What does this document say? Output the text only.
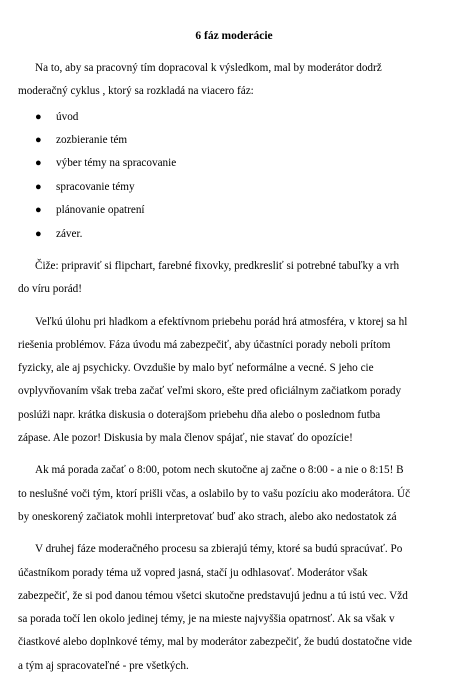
6 fáz moderácie

Na to, aby sa pracovný tím dopracoval k výsledkom, mal by moderátor dodrž

moderačný cyklus , ktorý sa rozkladá na viacero fáz:

● úvod
● zozbieranie tém
● výber témy na spracovanie
● spracovanie témy
● plánovanie opatrení
● záver.

Čiže: pripraviť si flipchart, farebné fixovky, predkresliť si potrebné tabuľky a vrh

do víru porád!

Veľkú úlohu pri hladkom a efektívnom priebehu porád hrá atmosféra, v ktorej sa hl

riešenia problémov. Fáza úvodu má zabezpečiť, aby účastníci porady neboli prítom

fyzicky, ale aj psychicky. Ovzdušie by malo byť neformálne a vecné. S jeho cie

ovplyvňovaním však treba začať veľmi skoro, ešte pred oficiálnym začiatkom porady

poslúži napr. krátka diskusia o doterajšom priebehu dňa alebo o poslednom futba

zápase. Ale pozor! Diskusia by mala členov spájať, nie stavať do opozície!

Ak má porada začať o 8:00, potom nech skutočne aj začne o 8:00 - a nie o 8:15! B

to neslušné voči tým, ktorí prišli včas, a oslabilo by to vašu pozíciu ako moderátora. Úč

by oneskorený začiatok mohli interpretovať buď ako strach, alebo ako nedostatok zá

V druhej fáze moderačného procesu sa zbierajú témy, ktoré sa budú spracúvať. Po

účastníkom porady téma už vopred jasná, stačí ju odhlasovať. Moderátor však

zabezpečiť, že si pod danou témou všetci skutočne predstavujú jednu a tú istú vec. Vžd

sa porada točí len okolo jedinej témy, je na mieste najvyššia opatrnosť. Ak sa však v

čiastkové alebo doplnkové témy, mal by moderátor zabezpečiť, že budú dostatočne vide

a tým aj spracovateľné - pre všetkých.
